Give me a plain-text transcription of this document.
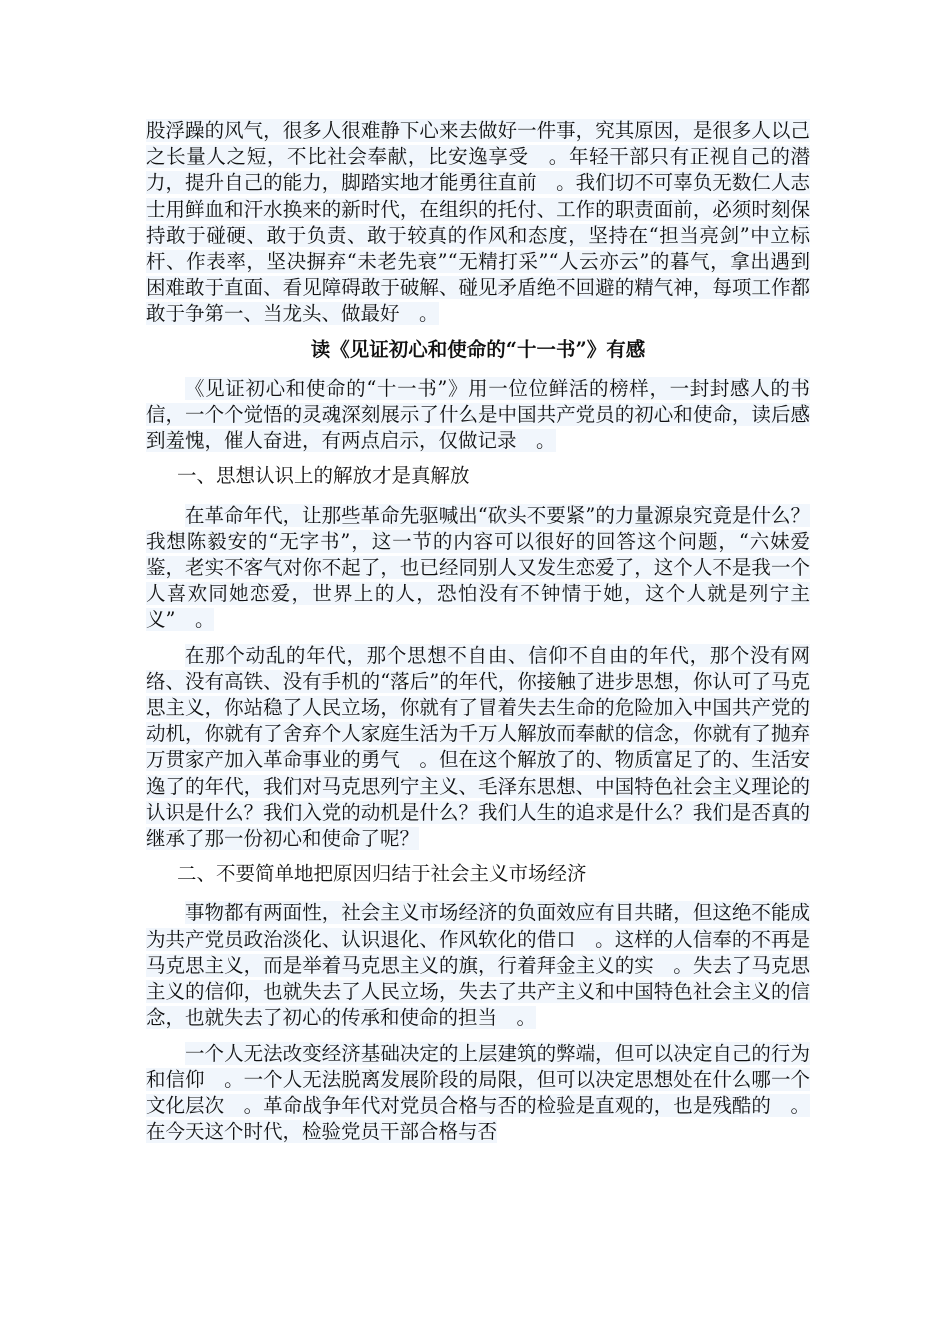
股浮躁的风气，很多人很难静下心来去做好一件事，究其原因，是很多人以己之长量人之短，不比社会奉献，比安逸享受　。年轻干部只有正视自己的潜力，提升自己的能力，脚踏实地才能勇往直前　。我们切不可辜负无数仁人志士用鲜血和汗水换来的新时代，在组织的托付、工作的职责面前，必须时刻保持敢于碰硬、敢于负责、敢于较真的作风和态度，坚持在“担当亮剑”中立标杆、作表率，坚决摒弃“未老先衰”“无精打采”“人云亦云”的暮气，拿出遇到困难敢于直面、看见障碍敢于破解、碰见矛盾绝不回避的精气神，每项工作都敢于争第一、当龙头、做最好　。

读《见证初心和使命的“十一书”》有感

《见证初心和使命的“十一书”》用一位位鲜活的榜样，一封封感人的书信，一个个觉悟的灵魂深刻展示了什么是中国共产党员的初心和使命，读后感到羞愧，催人奋进，有两点启示，仅做记录　。

一、思想认识上的解放才是真解放

在革命年代，让那些革命先驱喊出“砍头不要紧”的力量源泉究竟是什么？我想陈毅安的“无字书”，这一节的内容可以很好的回答这个问题，“六妹爱鉴，老实不客气对你不起了，也已经同别人又发生恋爱了，这个人不是我一个人喜欢同她恋爱，世界上的人，恐怕没有不钟情于她，这个人就是列宁主义”　。

在那个动乱的年代，那个思想不自由、信仰不自由的年代，那个没有网络、没有高铁、没有手机的“落后”的年代，你接触了进步思想，你认可了马克思主义，你站稳了人民立场，你就有了冒着失去生命的危险加入中国共产党的动机，你就有了舍弃个人家庭生活为千万人解放而奉献的信念，你就有了抛弃万贯家产加入革命事业的勇气　。但在这个解放了的、物质富足了的、生活安逸了的年代，我们对马克思列宁主义、毛泽东思想、中国特色社会主义理论的认识是什么？我们入党的动机是什么？我们人生的追求是什么？我们是否真的继承了那一份初心和使命了呢？

二、不要简单地把原因归结于社会主义市场经济

事物都有两面性，社会主义市场经济的负面效应有目共睹，但这绝不能成为共产党员政治淡化、认识退化、作风软化的借口　。这样的人信奉的不再是马克思主义，而是举着马克思主义的旗，行着拜金主义的实　。失去了马克思主义的信仰，也就失去了人民立场，失去了共产主义和中国特色社会主义的信念，也就失去了初心的传承和使命的担当　。

一个人无法改变经济基础决定的上层建筑的弊端，但可以决定自己的行为和信仰　。一个人无法脱离发展阶段的局限，但可以决定思想处在什么哪一个文化层次　。革命战争年代对党员合格与否的检验是直观的，也是残酷的　。在今天这个时代，检验党员干部合格与否
